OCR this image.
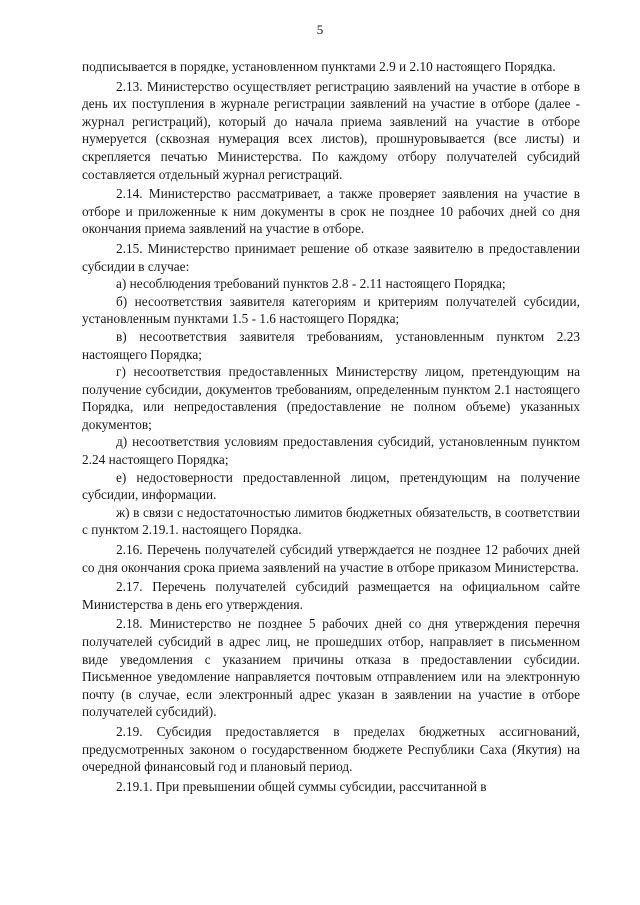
5

подписывается в порядке, установленном пунктами 2.9 и 2.10 настоящего Порядка.

2.13. Министерство осуществляет регистрацию заявлений на участие в отборе в день их поступления в журнале регистрации заявлений на участие в отборе (далее - журнал регистраций), который до начала приема заявлений на участие в отборе нумеруется (сквозная нумерация всех листов), прошнуровывается (все листы) и скрепляется печатью Министерства. По каждому отбору получателей субсидий составляется отдельный журнал регистраций.

2.14. Министерство рассматривает, а также проверяет заявления на участие в отборе и приложенные к ним документы в срок не позднее 10 рабочих дней со дня окончания приема заявлений на участие в отборе.

2.15. Министерство принимает решение об отказе заявителю в предоставлении субсидии в случае:

а) несоблюдения требований пунктов 2.8 - 2.11 настоящего Порядка;

б) несоответствия заявителя категориям и критериям получателей субсидии, установленным пунктами 1.5 - 1.6 настоящего Порядка;

в) несоответствия заявителя требованиям, установленным пунктом 2.23 настоящего Порядка;

г) несоответствия предоставленных Министерству лицом, претендующим на получение субсидии, документов требованиям, определенным пунктом 2.1 настоящего Порядка, или непредоставления (предоставление не полном объеме) указанных документов;

д) несоответствия условиям предоставления субсидий, установленным пунктом 2.24 настоящего Порядка;

е) недостоверности предоставленной лицом, претендующим на получение субсидии, информации.

ж) в связи с недостаточностью лимитов бюджетных обязательств, в соответствии с пунктом 2.19.1. настоящего Порядка.

2.16. Перечень получателей субсидий утверждается не позднее 12 рабочих дней со дня окончания срока приема заявлений на участие в отборе приказом Министерства.

2.17. Перечень получателей субсидий размещается на официальном сайте Министерства в день его утверждения.

2.18. Министерство не позднее 5 рабочих дней со дня утверждения перечня получателей субсидий в адрес лиц, не прошедших отбор, направляет в письменном виде уведомления с указанием причины отказа в предоставлении субсидии. Письменное уведомление направляется почтовым отправлением или на электронную почту (в случае, если электронный адрес указан в заявлении на участие в отборе получателей субсидий).

2.19. Субсидия предоставляется в пределах бюджетных ассигнований, предусмотренных законом о государственном бюджете Республики Саха (Якутия) на очередной финансовый год и плановый период.

2.19.1. При превышении общей суммы субсидии, рассчитанной в
